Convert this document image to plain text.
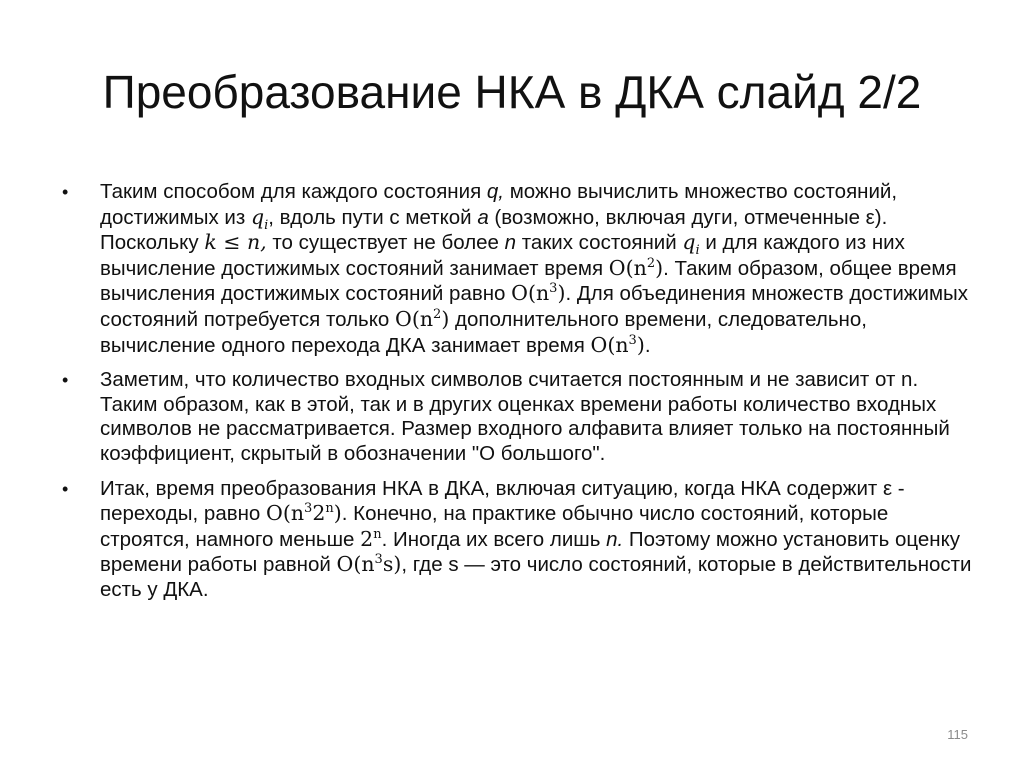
Преобразование НКА в ДКА слайд 2/2
• Таким способом для каждого состояния q, можно вычислить множество состояний, достижимых из $q_i$, вдоль пути с меткой a (возможно, включая дуги, отмеченные ε). Поскольку k ≤ n, то существует не более n таких состояний $q_i$ и для каждого из них вычисление достижимых состояний занимает время $O(n^2)$. Таким образом, общее время вычисления достижимых состояний равно $O(n^3)$. Для объединения множеств достижимых состояний потребуется только $O(n^2)$ дополнительного времени, следовательно, вычисление одного перехода ДКА занимает время $O(n^3)$.
• Заметим, что количество входных символов считается постоянным и не зависит от n. Таким образом, как в этой, так и в других оценках времени работы количество входных символов не рассматривается. Размер входного алфавита влияет только на постоянный коэффициент, скрытый в обозначении "О большого".
• Итак, время преобразования НКА в ДКА, включая ситуацию, когда НКА содержит ε - переходы, равно $O(n^32^n)$. Конечно, на практике обычно число состояний, которые строятся, намного меньше 2$^n$. Иногда их всего лишь n. Поэтому можно установить оценку времени работы равной $O(n^3s)$, где s — это число состояний, которые в действительности есть у ДКА.
115
